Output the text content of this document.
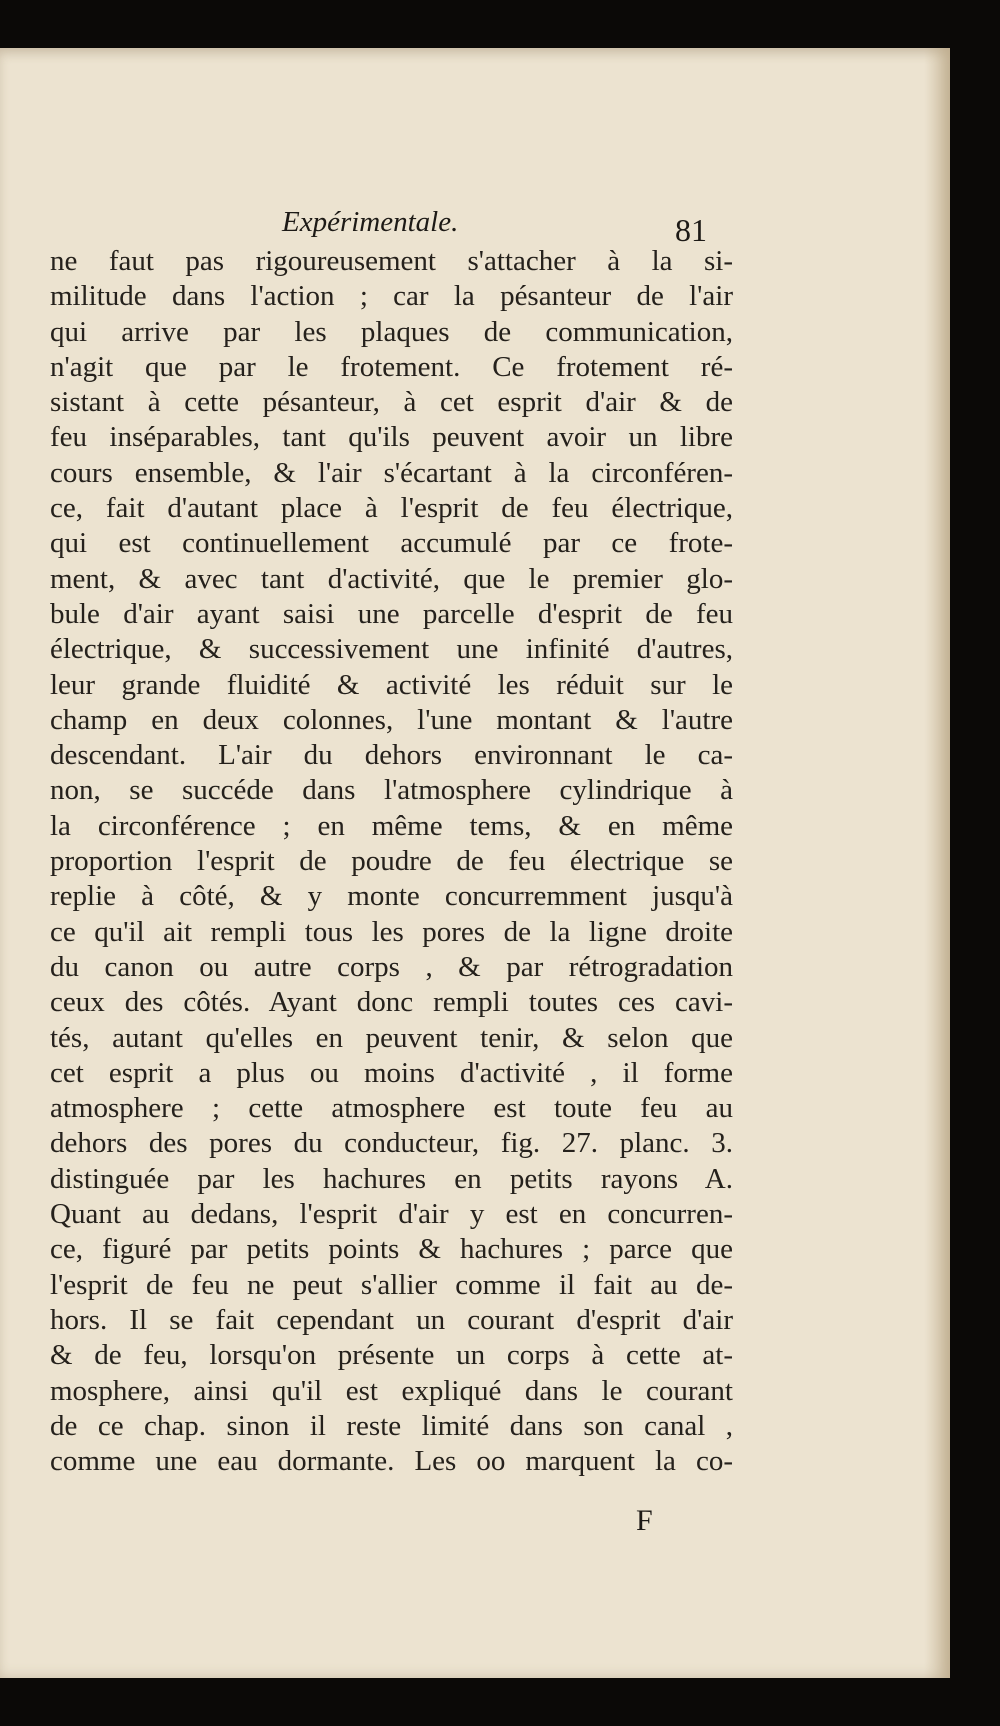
Expérimentale.	81
ne faut pas rigoureusement s'attacher à la si-
militude dans l'action ; car la pésanteur de l'air
qui arrive par les plaques de communication,
n'agit que par le frotement. Ce frotement ré-
sistant à cette pésanteur, à cet esprit d'air & de
feu inséparables, tant qu'ils peuvent avoir un libre
cours ensemble, & l'air s'écartant à la circonféren-
ce, fait d'autant place à l'esprit de feu électrique,
qui est continuellement accumulé par ce frote-
ment, & avec tant d'activité, que le premier glo-
bule d'air ayant saisi une parcelle d'esprit de feu
électrique, & successivement une infinité d'autres,
leur grande fluidité & activité les réduit sur le
champ en deux colonnes, l'une montant & l'autre
descendant. L'air du dehors environnant le ca-
non, se succéde dans l'atmosphere cylindrique à
la circonférence ; en même tems, & en même
proportion l'esprit de poudre de feu électrique se
replie à côté, & y monte concurremment jusqu'à
ce qu'il ait rempli tous les pores de la ligne droite
du canon ou autre corps , & par rétrogradation
ceux des côtés. Ayant donc rempli toutes ces cavi-
tés, autant qu'elles en peuvent tenir, & selon que
cet esprit a plus ou moins d'activité , il forme
atmosphere ; cette atmosphere est toute feu au
dehors des pores du conducteur, fig. 27. planc. 3.
distinguée par les hachures en petits rayons A.
Quant au dedans, l'esprit d'air y est en concurren-
ce, figuré par petits points & hachures ; parce que
l'esprit de feu ne peut s'allier comme il fait au de-
hors. Il se fait cependant un courant d'esprit d'air
& de feu, lorsqu'on présente un corps à cette at-
mosphere, ainsi qu'il est expliqué dans le courant
de ce chap. sinon il reste limité dans son canal ,
comme une eau dormante. Les oo marquent la co-
F
